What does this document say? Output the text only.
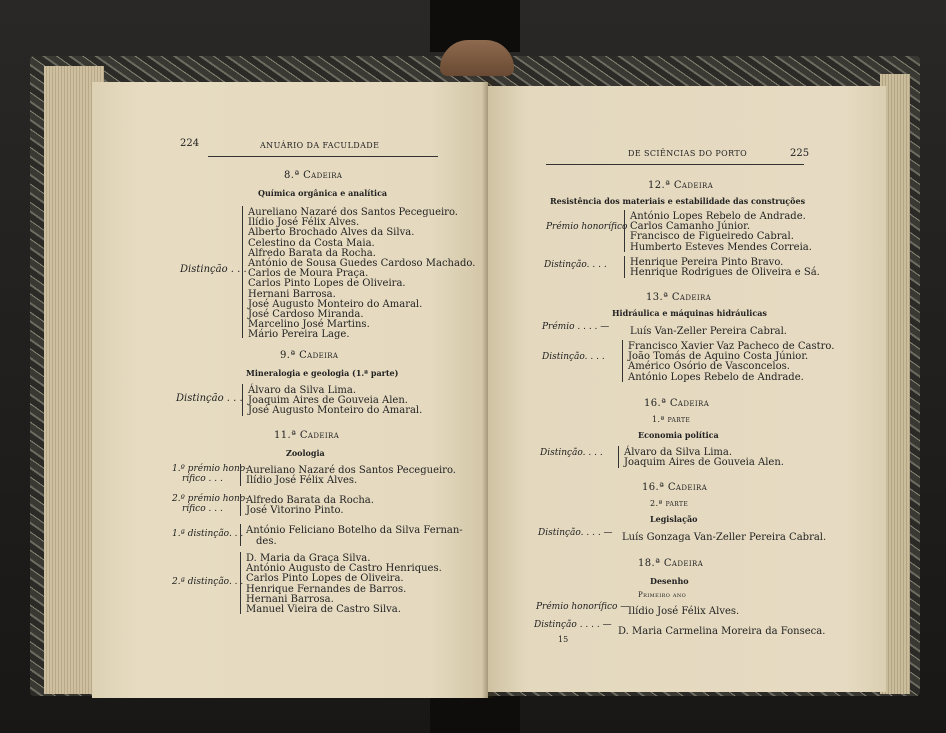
224	ANUÁRIO DA FACULDADE
8.ª Cadeira
Química orgânica e analítica
Distinção . . .
Aureliano Nazaré dos Santos Pecegueiro.
Ilídio José Félix Alves.
Alberto Brochado Alves da Silva.
Celestino da Costa Maia.
Alfredo Barata da Rocha.
António de Sousa Guedes Cardoso Machado.
Carlos de Moura Praça.
Carlos Pinto Lopes de Oliveira.
Hernani Barrosa.
José Augusto Monteiro do Amaral.
José Cardoso Miranda.
Marcelino José Martins.
Mário Pereira Lage.
9.ª Cadeira
Mineralogia e geologia (1.ª parte)
Distinção . . .
Álvaro da Silva Lima.
Joaquim Aires de Gouveia Alen.
José Augusto Monteiro do Amaral.
11.ª Cadeira
Zoologia
1.º prémio hono-
rífico . . .
Aureliano Nazaré dos Santos Pecegueiro.
Ilídio José Félix Alves.
2.º prémio hono-
rífico . . .
Alfredo Barata da Rocha.
José Vitorino Pinto.
1.ª distinção. . . António Feliciano Botelho da Silva Fernan-
des.
2.ª distinção. . .
D. Maria da Graça Silva.
António Augusto de Castro Henriques.
Carlos Pinto Lopes de Oliveira.
Henrique Fernandes de Barros.
Hernani Barrosa.
Manuel Vieira de Castro Silva.
DE SCIÊNCIAS DO PORTO	225
12.ª Cadeira
Resistência dos materiais e estabilidade das construções
Prémio honorífico
António Lopes Rebelo de Andrade.
Carlos Camanho Júnior.
Francisco de Figueiredo Cabral.
Humberto Esteves Mendes Correia.
Distinção. . . . Henrique Pereira Pinto Bravo.
Henrique Rodrigues de Oliveira e Sá.
13.ª Cadeira
Hidráulica e máquinas hidráulicas
Prémio . . . . — Luís Van-Zeller Pereira Cabral.
Distinção. . . .
Francisco Xavier Vaz Pacheco de Castro.
João Tomás de Aquino Costa Júnior.
Américo Osório de Vasconcelos.
António Lopes Rebelo de Andrade.
16.ª Cadeira
1.ª parte
Economia política
Distinção. . . . Álvaro da Silva Lima.
Joaquim Aires de Gouveia Alen.
16.ª Cadeira
2.ª parte
Legislação
Distinção. . . . — Luís Gonzaga Van-Zeller Pereira Cabral.
18.ª Cadeira
Desenho
Primeiro ano
Prémio honorífico —
Ilídio José Félix Alves.
Distinção . . . . —
D. Maria Carmelina Moreira da Fonseca.
15
